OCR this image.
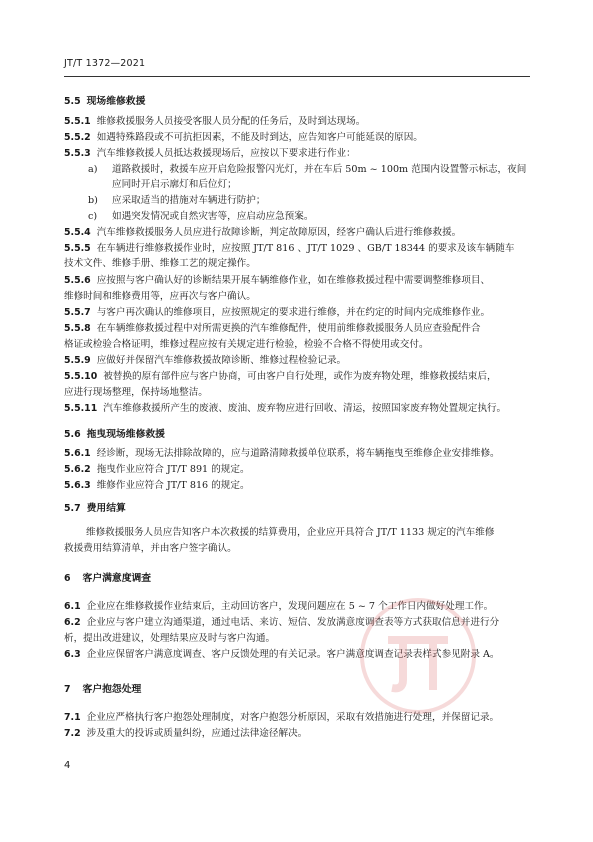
JT/T 1372—2021
5.5 现场维修救援
5.5.1 维修救援服务人员接受客服人员分配的任务后，及时到达现场。
5.5.2 如遇特殊路段或不可抗拒因素，不能及时到达，应告知客户可能延误的原因。
5.5.3 汽车维修救援人员抵达救援现场后，应按以下要求进行作业：
a) 道路救援时，救援车应开启危险报警闪光灯，并在车后 50m ~ 100m 范围内设置警示标志，夜间
应同时开启示廓灯和后位灯；
b) 应采取适当的措施对车辆进行防护；
c) 如遇突发情况或自然灾害等，应启动应急预案。
5.5.4 汽车维修救援服务人员应进行故障诊断，判定故障原因，经客户确认后进行维修救援。
5.5.5 在车辆进行维修救援作业时，应按照 JT/T 816 、JT/T 1029 、GB/T 18344 的要求及该车辆随车
技术文件、维修手册、维修工艺的规定操作。
5.5.6 应按照与客户确认好的诊断结果开展车辆维修作业，如在维修救援过程中需要调整维修项目、
维修时间和维修费用等，应再次与客户确认。
5.5.7 与客户再次确认的维修项目，应按照规定的要求进行维修，并在约定的时间内完成维修作业。
5.5.8 在车辆维修救援过程中对所需更换的汽车维修配件，使用前维修救援服务人员应查验配件合
格证或检验合格证明，维修过程应按有关规定进行检验，检验不合格不得使用或交付。
5.5.9 应做好并保留汽车维修救援故障诊断、维修过程检验记录。
5.5.10 被替换的原有部件应与客户协商，可由客户自行处理，或作为废弃物处理，维修救援结束后，
应进行现场整理，保持场地整洁。
5.5.11 汽车维修救援所产生的废液、废油、废弃物应进行回收、清运，按照国家废弃物处置规定执行。
5.6 拖曳现场维修救援
5.6.1 经诊断，现场无法排除故障的，应与道路清障救援单位联系，将车辆拖曳至维修企业安排维修。
5.6.2 拖曳作业应符合 JT/T 891 的规定。
5.6.3 维修作业应符合 JT/T 816 的规定。
5.7 费用结算
维修救援服务人员应告知客户本次救援的结算费用，企业应开具符合 JT/T 1133 规定的汽车维修
救援费用结算清单，并由客户签字确认。
6 客户满意度调查
6.1 企业应在维修救援作业结束后，主动回访客户，发现问题应在 5 ~ 7 个工作日内做好处理工作。
6.2 企业应与客户建立沟通渠道，通过电话、来访、短信、发放满意度调查表等方式获取信息并进行分
析，提出改进建议，处理结果应及时与客户沟通。
6.3 企业应保留客户满意度调查、客户反馈处理的有关记录。客户满意度调查记录表样式参见附录 A。
7 客户抱怨处理
7.1 企业应严格执行客户抱怨处理制度，对客户抱怨分析原因，采取有效措施进行处理，并保留记录。
7.2 涉及重大的投诉或质量纠纷，应通过法律途径解决。
4
